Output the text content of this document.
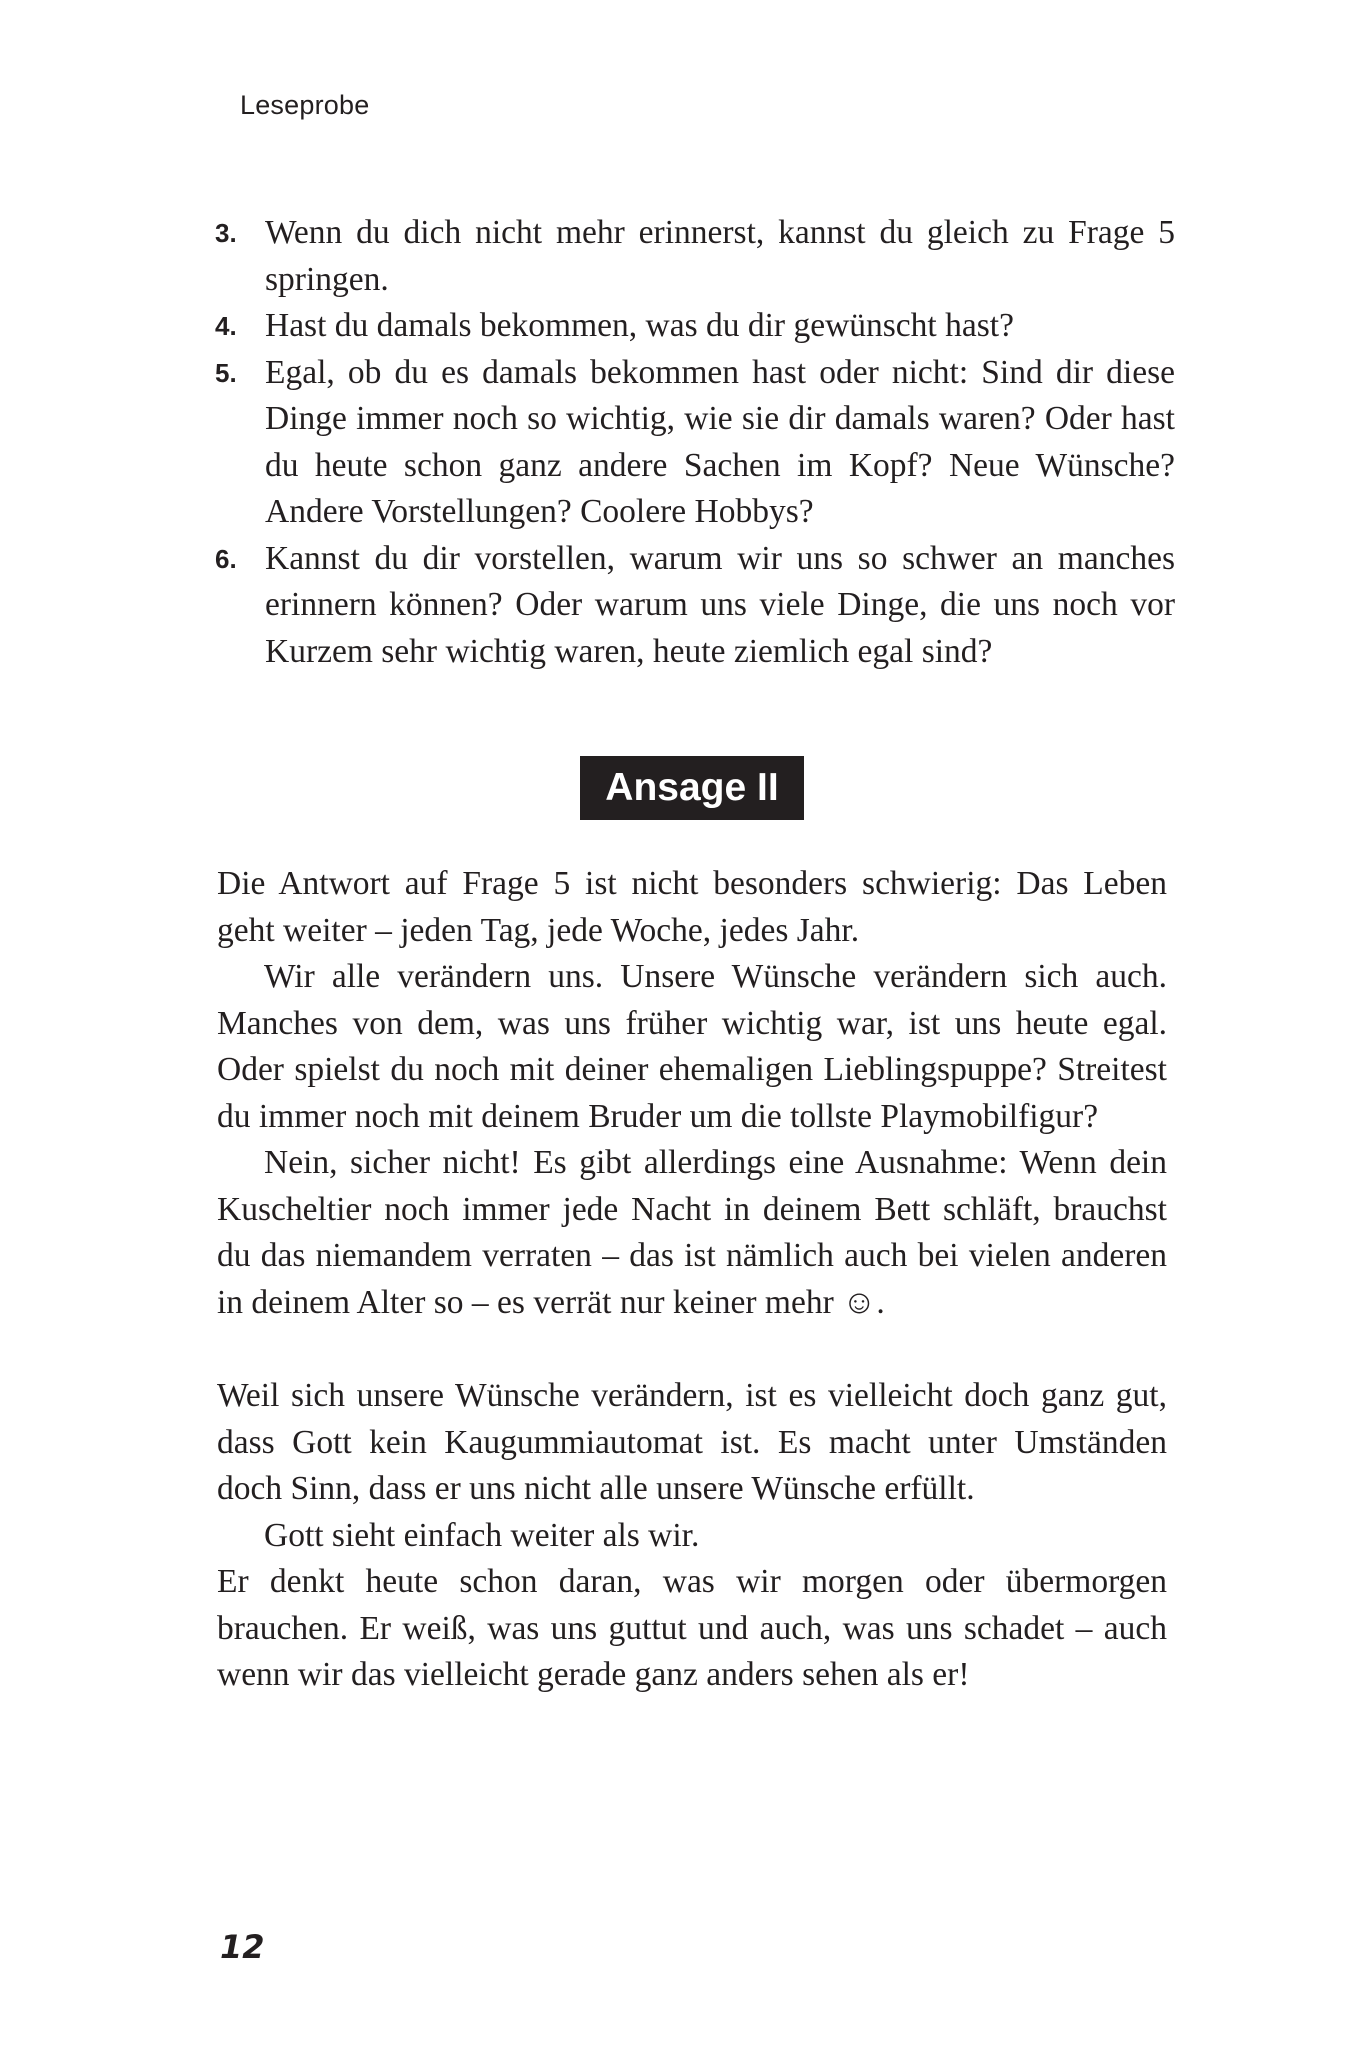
Leseprobe
3. Wenn du dich nicht mehr erinnerst, kannst du gleich zu Frage 5 springen.
4. Hast du damals bekommen, was du dir gewünscht hast?
5. Egal, ob du es damals bekommen hast oder nicht: Sind dir diese Dinge immer noch so wichtig, wie sie dir damals waren? Oder hast du heute schon ganz andere Sachen im Kopf? Neue Wünsche? Andere Vorstellungen? Coolere Hobbys?
6. Kannst du dir vorstellen, warum wir uns so schwer an manches erinnern können? Oder warum uns viele Dinge, die uns noch vor Kurzem sehr wichtig waren, heute ziemlich egal sind?
Ansage II

Die Antwort auf Frage 5 ist nicht besonders schwierig: Das Leben geht weiter – jeden Tag, jede Woche, jedes Jahr.

Wir alle verändern uns. Unsere Wünsche verändern sich auch. Manches von dem, was uns früher wichtig war, ist uns heute egal. Oder spielst du noch mit deiner ehemaligen Lieblingspuppe? Streitest du immer noch mit deinem Bruder um die tollste Playmobilfigur?

Nein, sicher nicht! Es gibt allerdings eine Ausnahme: Wenn dein Kuscheltier noch immer jede Nacht in deinem Bett schläft, brauchst du das niemandem verraten – das ist nämlich auch bei vielen anderen in deinem Alter so – es verrät nur keiner mehr ☺.

Weil sich unsere Wünsche verändern, ist es vielleicht doch ganz gut, dass Gott kein Kaugummiautomat ist. Es macht unter Umständen doch Sinn, dass er uns nicht alle unsere Wünsche erfüllt.

Gott sieht einfach weiter als wir.

Er denkt heute schon daran, was wir morgen oder übermorgen brauchen. Er weiß, was uns guttut und auch, was uns schadet – auch wenn wir das vielleicht gerade ganz anders sehen als er!

12
